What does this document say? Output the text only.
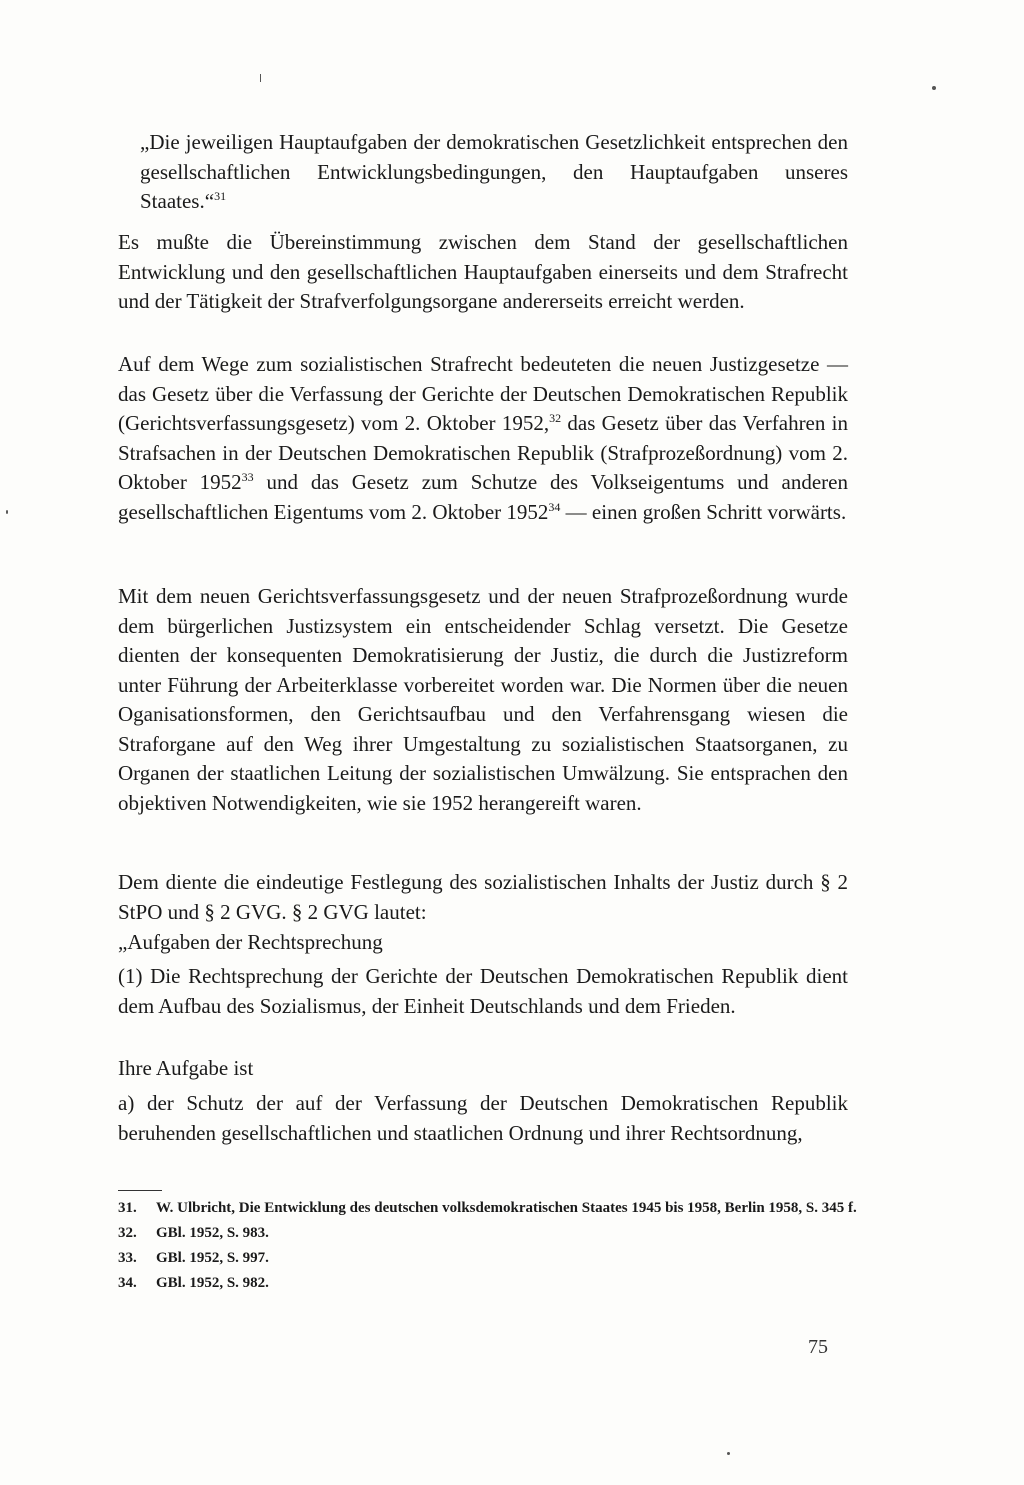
„Die jeweiligen Hauptaufgaben der demokratischen Gesetzlichkeit entsprechen den gesellschaftlichen Entwicklungsbedingungen, den Hauptaufgaben unseres Staates.“$^{31}$

Es mußte die Übereinstimmung zwischen dem Stand der gesellschaftlichen Entwicklung und den gesellschaftlichen Hauptaufgaben einerseits und dem Strafrecht und der Tätigkeit der Strafverfolgungsorgane andererseits erreicht werden.

Auf dem Wege zum sozialistischen Strafrecht bedeuteten die neuen Justizgesetze — das Gesetz über die Verfassung der Gerichte der Deutschen Demokratischen Republik (Gerichtsverfassungsgesetz) vom 2. Oktober 1952,32 das Gesetz über das Verfahren in Strafsachen in der Deutschen Demokratischen Republik (Strafprozeßordnung) vom 2. Oktober 1952$^{33}$ und das Gesetz zum Schutze des Volkseigentums und anderen gesellschaftlichen Eigentums vom 2. Oktober 1952$^{34}$ — einen großen Schritt vorwärts.

Mit dem neuen Gerichtsverfassungsgesetz und der neuen Strafprozeßordnung wurde dem bürgerlichen Justizsystem ein entscheidender Schlag versetzt. Die Gesetze dienten der konsequenten Demokratisierung der Justiz, die durch die Justizreform unter Führung der Arbeiterklasse vorbereitet worden war. Die Normen über die neuen Oganisationsformen, den Gerichtsaufbau und den Verfahrensgang wiesen die Straforgane auf den Weg ihrer Umgestaltung zu sozialistischen Staatsorganen, zu Organen der staatlichen Leitung der sozialistischen Umwälzung. Sie entsprachen den objektiven Notwendigkeiten, wie sie 1952 herangereift waren.

Dem diente die eindeutige Festlegung des sozialistischen Inhalts der Justiz durch § 2 StPO und § 2 GVG. § 2 GVG lautet:

„Aufgaben der Rechtsprechung

(1) Die Rechtsprechung der Gerichte der Deutschen Demokratischen Republik dient dem Aufbau des Sozialismus, der Einheit Deutschlands und dem Frieden.

Ihre Aufgabe ist

a) der Schutz der auf der Verfassung der Deutschen Demokratischen Republik beruhenden gesellschaftlichen und staatlichen Ordnung und ihrer Rechtsordnung,

31. W. Ulbricht, Die Entwicklung des deutschen volksdemokratischen Staates 1945 bis 1958, Berlin 1958, S. 345 f.
32. GBl. 1952, S. 983.
33. GBl. 1952, S. 997.
34. GBl. 1952, S. 982.
75
